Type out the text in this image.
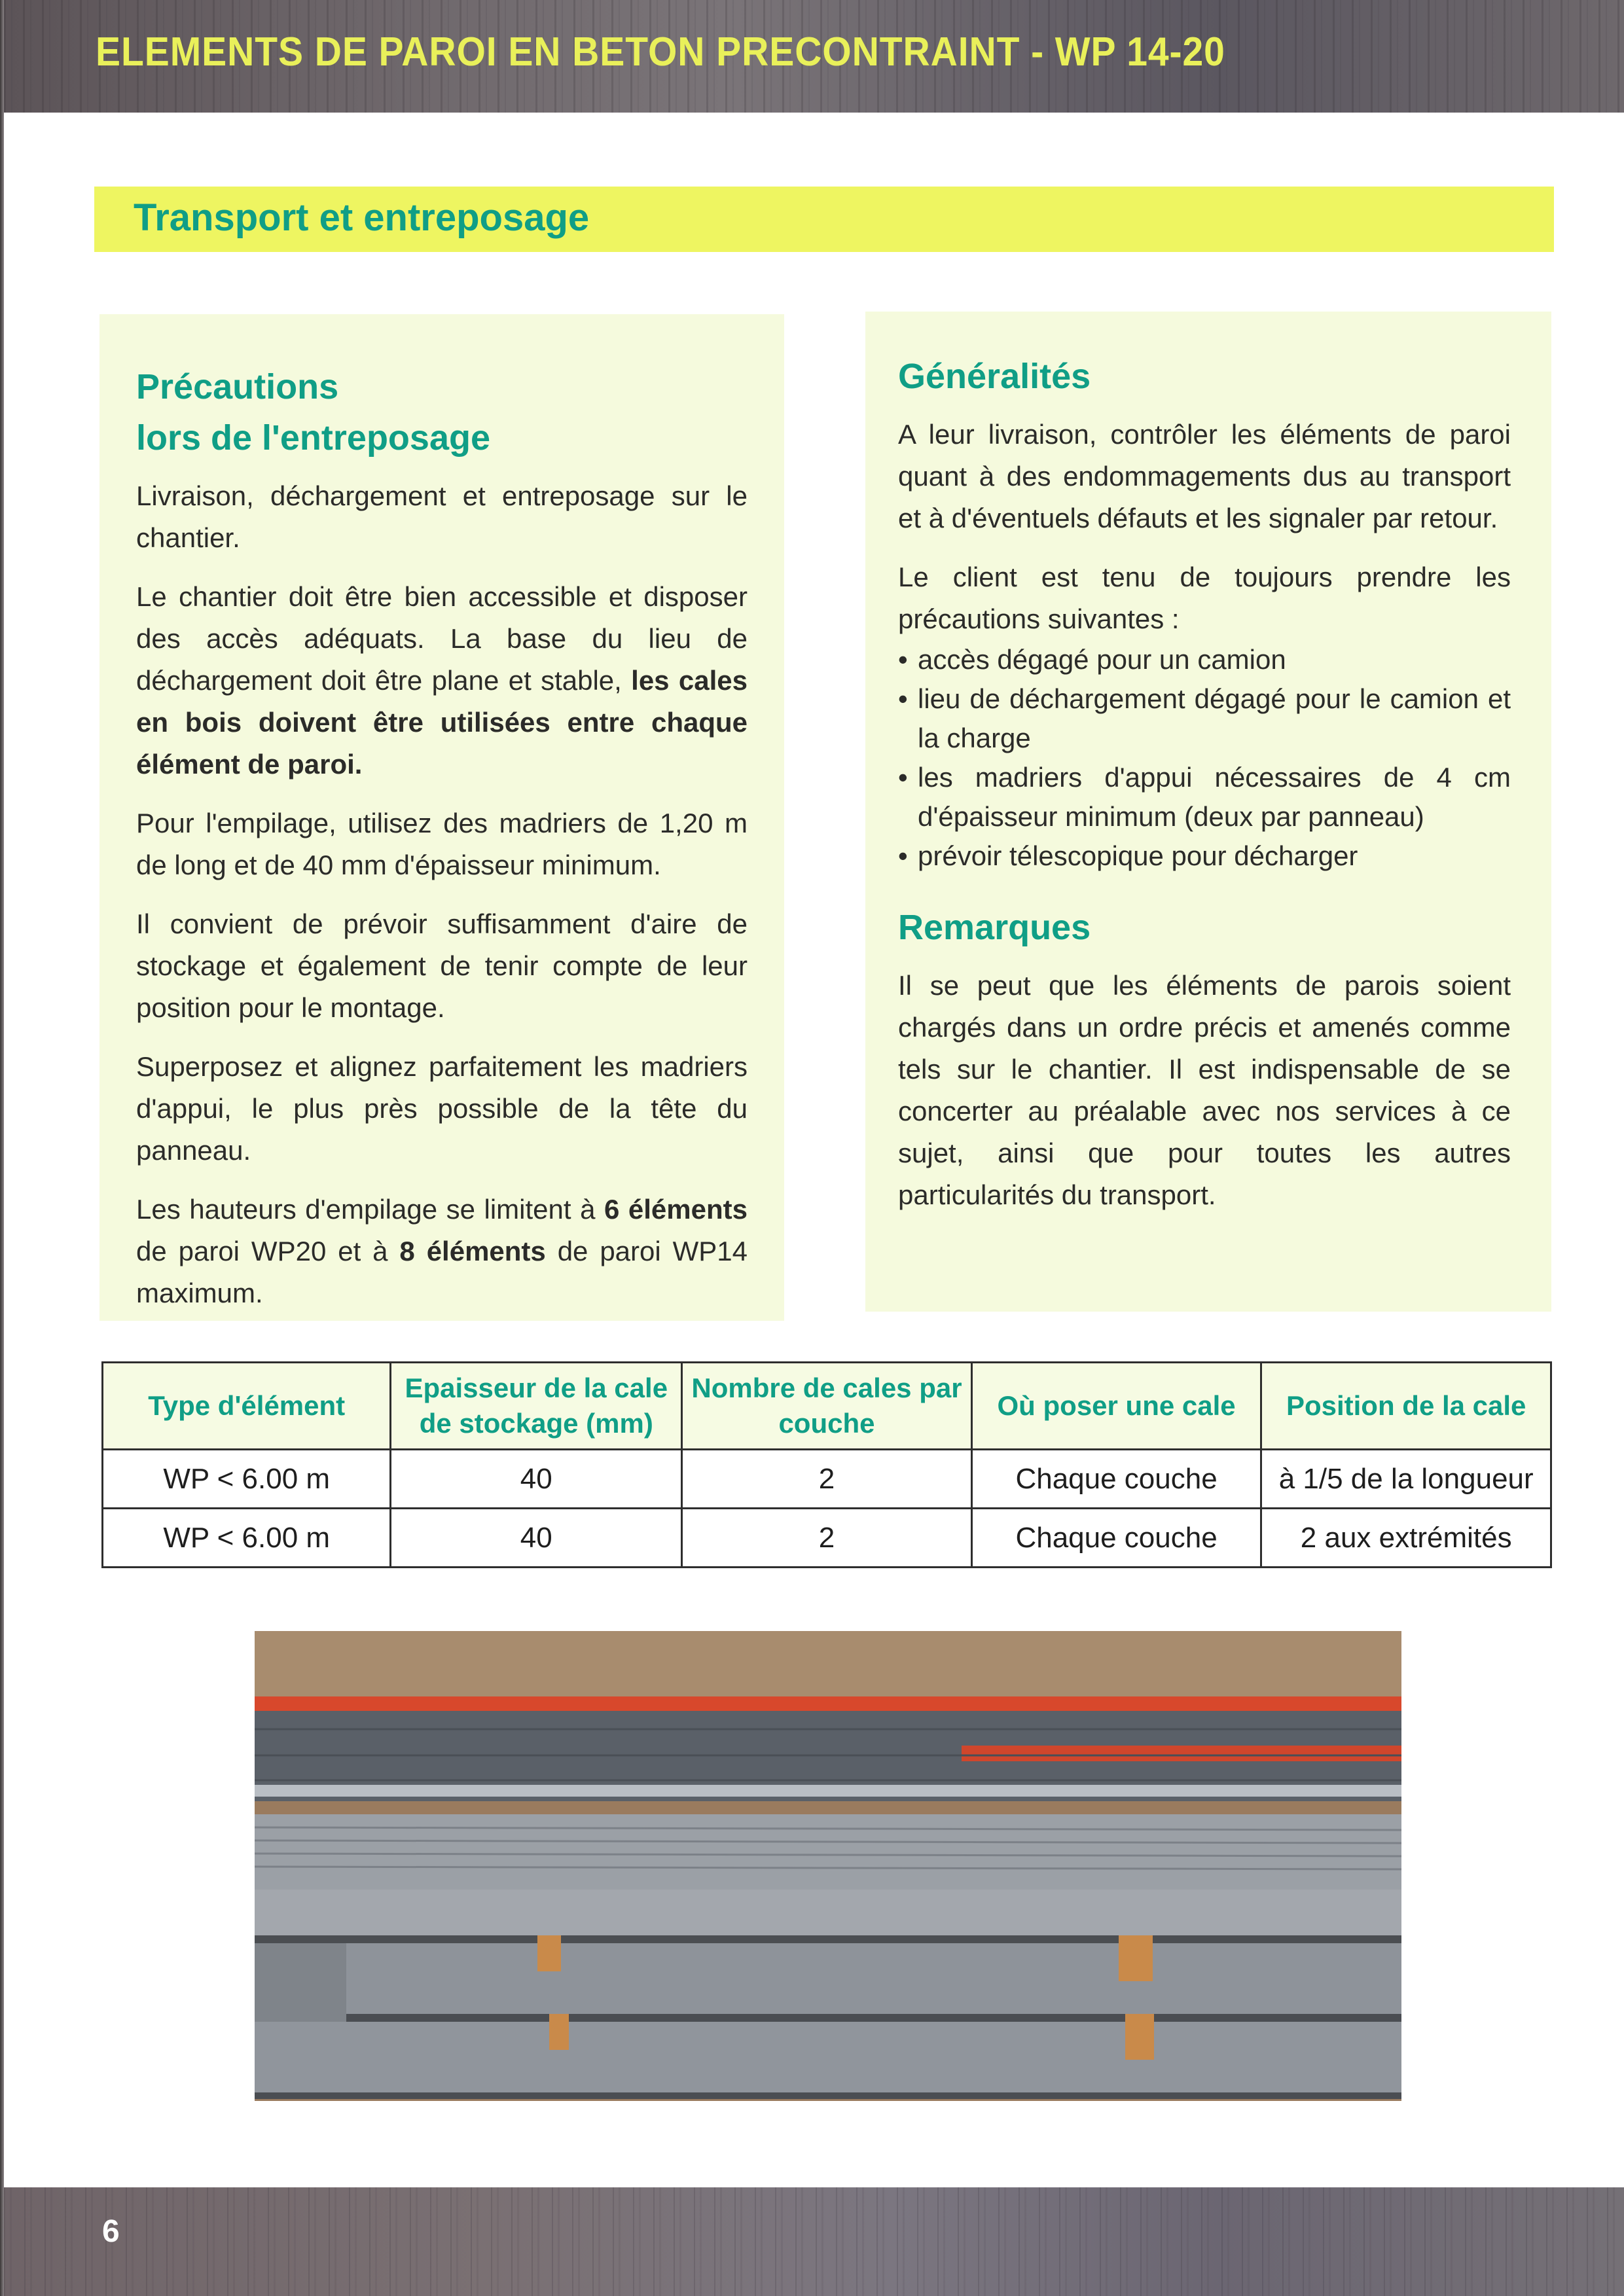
ELEMENTS DE PAROI EN BETON PRECONTRAINT - WP 14-20
Transport et entreposage
Précautions
lors de l'entreposage

Livraison, déchargement et entreposage sur le chantier.

Le chantier doit être bien accessible et disposer des accès adéquats. La base du lieu de déchargement doit être plane et stable, les cales en bois doivent être utilisées entre chaque élément de paroi.

Pour l'empilage, utilisez des madriers de 1,20 m de long et de 40 mm d'épaisseur minimum.

Il convient de prévoir suffisamment d'aire de stockage et également de tenir compte de leur position pour le montage.

Superposez et alignez parfaitement les madriers d'appui, le plus près possible de la tête du panneau.

Les hauteurs d'empilage se limitent à 6 éléments de paroi WP20 et à 8 éléments de paroi WP14 maximum.

Généralités

A leur livraison, contrôler les éléments de paroi quant à des endommagements dus au transport et à d'éventuels défauts et les signaler par retour.

Le client est tenu de toujours prendre les précautions suivantes :

• accès dégagé pour un camion
• lieu de déchargement dégagé pour le camion et la charge
• les madriers d'appui nécessaires de 4 cm d'épaisseur minimum (deux par panneau)
• prévoir télescopique pour décharger
Remarques

Il se peut que les éléments de parois soient chargés dans un ordre précis et amenés comme tels sur le chantier. Il est indispensable de se concerter au préalable avec nos services à ce sujet, ainsi que pour toutes les autres particularités du transport.

Type d'élément	Epaisseur de la cale de stockage (mm)	Nombre de cales par couche	Où poser une cale	Position de la cale
WP < 6.00 m	40	2	Chaque couche	à 1/5 de la longueur
WP < 6.00 m	40	2	Chaque couche	2 aux extrémités
6
